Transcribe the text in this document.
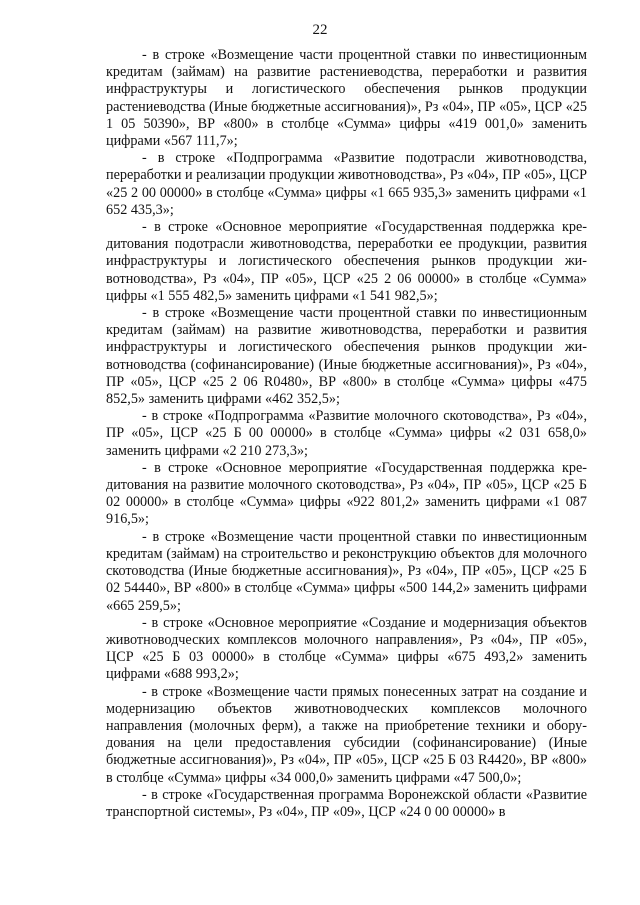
22

- в строке «Возмещение части процентной ставки по инвестиционным кредитам (займам) на развитие растениеводства, переработки и развития инфраструктуры и логистического обеспечения рынков продукции растениеводства (Иные бюджетные ассигнования)», Рз «04», ПР «05», ЦСР «25 1 05 50390», ВР «800» в столбце «Сумма» цифры «419 001,0» заменить цифрами «567 111,7»;

- в строке «Подпрограмма «Развитие подотрасли животноводства, переработки и реализации продукции животноводства», Рз «04», ПР «05», ЦСР «25 2 00 00000» в столбце «Сумма» цифры «1 665 935,3» заменить цифрами «1 652 435,3»;

- в строке «Основное мероприятие «Государственная поддержка кредитования подотрасли животноводства, переработки ее продукции, развития инфраструктуры и логистического обеспечения рынков продукции животноводства», Рз «04», ПР «05», ЦСР «25 2 06 00000» в столбце «Сумма» цифры «1 555 482,5» заменить цифрами «1 541 982,5»;

- в строке «Возмещение части процентной ставки по инвестиционным кредитам (займам) на развитие животноводства, переработки и развития инфраструктуры и логистического обеспечения рынков продукции животноводства (софинансирование) (Иные бюджетные ассигнования)», Рз «04», ПР «05», ЦСР «25 2 06 R0480», ВР «800» в столбце «Сумма» цифры «475 852,5» заменить цифрами «462 352,5»;

- в строке «Подпрограмма «Развитие молочного скотоводства», Рз «04», ПР «05», ЦСР «25 Б 00 00000» в столбце «Сумма» цифры «2 031 658,0» заменить цифрами «2 210 273,3»;

- в строке «Основное мероприятие «Государственная поддержка кредитования на развитие молочного скотоводства», Рз «04», ПР «05», ЦСР «25 Б 02 00000» в столбце «Сумма» цифры «922 801,2» заменить цифрами «1 087 916,5»;

- в строке «Возмещение части процентной ставки по инвестиционным кредитам (займам) на строительство и реконструкцию объектов для молочного скотоводства (Иные бюджетные ассигнования)», Рз «04», ПР «05», ЦСР «25 Б 02 54440», ВР «800» в столбце «Сумма» цифры «500 144,2» заменить цифрами «665 259,5»;

- в строке «Основное мероприятие «Создание и модернизация объектов животноводческих комплексов молочного направления», Рз «04», ПР «05», ЦСР «25 Б 03 00000» в столбце «Сумма» цифры «675 493,2» заменить цифрами «688 993,2»;

- в строке «Возмещение части прямых понесенных затрат на создание и модернизацию объектов животноводческих комплексов молочного направления (молочных ферм), а также на приобретение техники и оборудования на цели предоставления субсидии (софинансирование) (Иные бюджетные ассигнования)», Рз «04», ПР «05», ЦСР «25 Б 03 R4420», ВР «800» в столбце «Сумма» цифры «34 000,0» заменить цифрами «47 500,0»;

- в строке «Государственная программа Воронежской области «Развитие транспортной системы», Рз «04», ПР «09», ЦСР «24 0 00 00000» в
